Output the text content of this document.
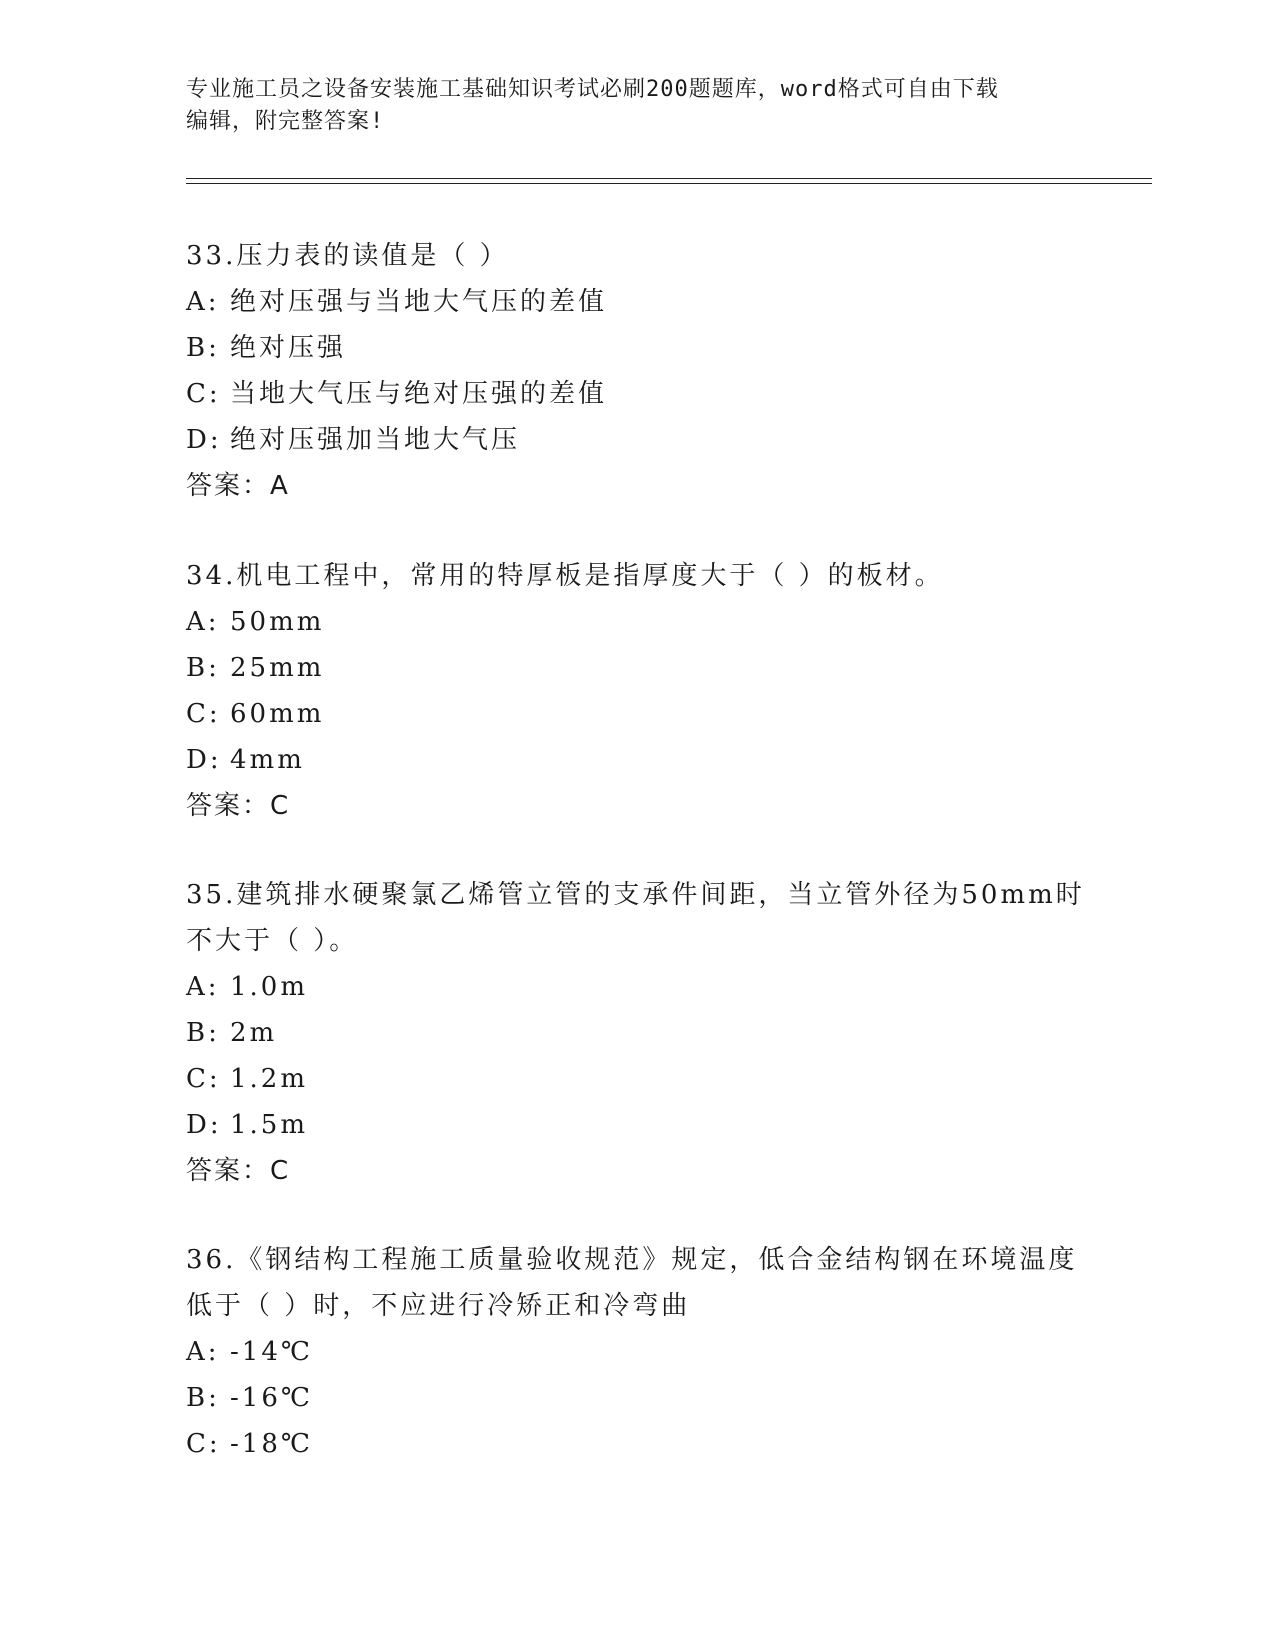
专业施工员之设备安装施工基础知识考试必刷200题题库，word格式可自由下载
编辑，附完整答案!
33.压力表的读值是（ ）
A: 绝对压强与当地大气压的差值
B: 绝对压强
C: 当地大气压与绝对压强的差值
D: 绝对压强加当地大气压
答案：A
34.机电工程中，常用的特厚板是指厚度大于（ ）的板材。
A: 50mm
B: 25mm
C: 60mm
D: 4mm
答案：C
35.建筑排水硬聚氯乙烯管立管的支承件间距，当立管外径为50mm时不大于（ ）。
A: 1.0m
B: 2m
C: 1.2m
D: 1.5m
答案：C
36.《钢结构工程施工质量验收规范》规定，低合金结构钢在环境温度低于（ ）时，不应进行冷矫正和冷弯曲
A: -14℃
B: -16℃
C: -18℃
